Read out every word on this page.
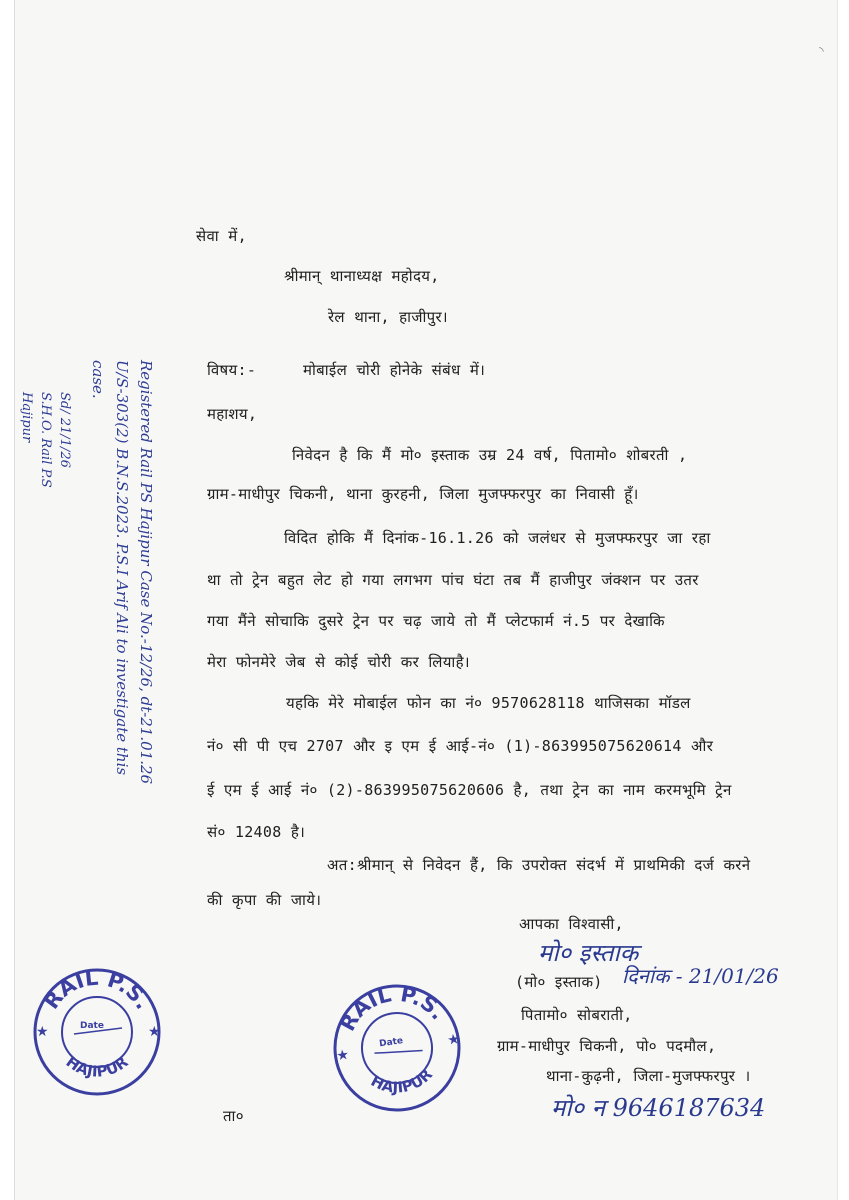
◝
सेवा में,
श्रीमान् थानाध्यक्ष महोदय,
रेल थाना, हाजीपुर।
विषय:-	मोबाईल चोरी होनेके संबंध में।
महाशय,
निवेदन है कि मैं मो० इस्ताक उम्र 24 वर्ष, पितामो० शोबरती ,
ग्राम-माधीपुर चिकनी, थाना कुरहनी, जिला मुजफ्फरपुर का निवासी हूँ।
विदित होकि मैं दिनांक-16.1.26 को जलंधर से मुजफ्फरपुर जा रहा
था तो ट्रेन बहुत लेट हो गया लगभग पांच घंटा तब मैं हाजीपुर जंक्शन पर उतर
गया मैंने सोचाकि दुसरे ट्रेन पर चढ़ जाये तो मैं प्लेटफार्म नं.5 पर देखाकि
मेरा फोनमेरे जेब से कोई चोरी कर लियाहै।
यहकि मेरे मोबाईल फोन का नं० 9570628118 थाजिसका मॉडल
नं० सी पी एच 2707 और इ एम ई आई-नं० (1)-863995075620614 और
ई एम ई आई नं० (2)-863995075620606 है, तथा ट्रेन का नाम करमभूमि ट्रेन
सं० 12408 है।
अत:श्रीमान् से निवेदन हैं, कि उपरोक्त संदर्भ में प्राथमिकी दर्ज करने
की कृपा की जाये।
आपका विश्वासी,
मो० इस्ताक
(मो० इस्ताक) दिनांक - 21/01/26
पितामो० सोबराती,
ग्राम-माधीपुर चिकनी, पो० पदमौल,
थाना-कुढ़नी, जिला-मुजफ्फरपुर ।
मो० न 9646187634
ता०
Registered Rail PS Hajipur Case No.-12/26, dt-21.01.26
U/S-303(2) B.N.S.2023. P.S.I Arif Ali to investigate this
case.
Sd/ 21/1/26
S.H.O. Rail P.S
Hajipur
RAIL P.S.
HAJIPUR
Date
★	★	RAIL P.S.
HAJIPUR
Date
★
★
